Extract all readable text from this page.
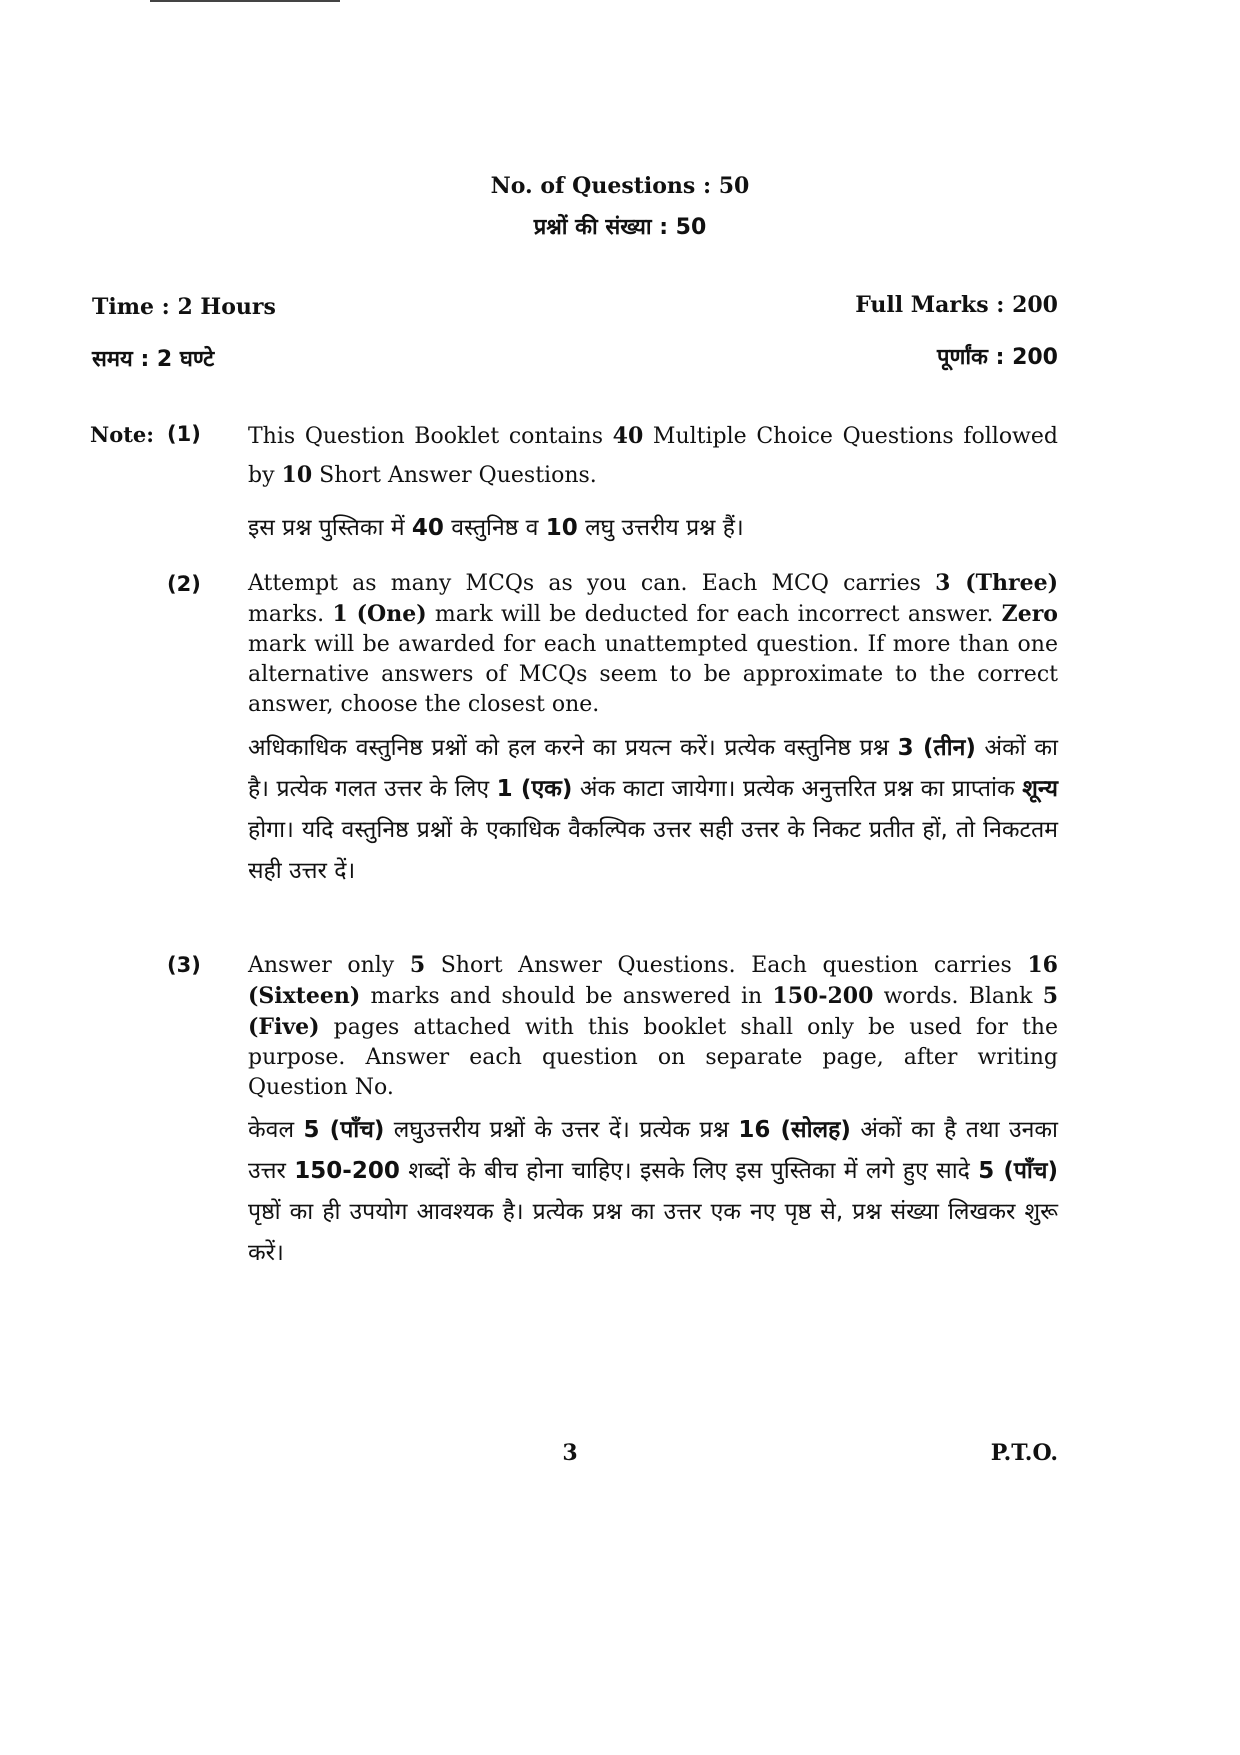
No. of Questions : 50
प्रश्नों की संख्या : 50
Time : 2 Hours
समय : 2 घण्टे
Full Marks : 200
पूर्णांक : 200
Note: (1) This Question Booklet contains 40 Multiple Choice Questions followed by 10 Short Answer Questions.
इस प्रश्न पुस्तिका में 40 वस्तुनिष्ठ व 10 लघु उत्तरीय प्रश्न हैं।
(2) Attempt as many MCQs as you can. Each MCQ carries 3 (Three) marks. 1 (One) mark will be deducted for each incorrect answer. Zero mark will be awarded for each unattempted question. If more than one alternative answers of MCQs seem to be approximate to the correct answer, choose the closest one.
अधिकाधिक वस्तुनिष्ठ प्रश्नों को हल करने का प्रयत्न करें। प्रत्येक वस्तुनिष्ठ प्रश्न 3 (तीन) अंकों का है। प्रत्येक गलत उत्तर के लिए 1 (एक) अंक काटा जायेगा। प्रत्येक अनुत्तरित प्रश्न का प्राप्तांक शून्य होगा। यदि वस्तुनिष्ठ प्रश्नों के एकाधिक वैकल्पिक उत्तर सही उत्तर के निकट प्रतीत हों, तो निकटतम सही उत्तर दें।
(3) Answer only 5 Short Answer Questions. Each question carries 16 (Sixteen) marks and should be answered in 150-200 words. Blank 5 (Five) pages attached with this booklet shall only be used for the purpose. Answer each question on separate page, after writing Question No.
केवल 5 (पाँच) लघुउत्तरीय प्रश्नों के उत्तर दें। प्रत्येक प्रश्न 16 (सोलह) अंकों का है तथा उनका उत्तर 150-200 शब्दों के बीच होना चाहिए। इसके लिए इस पुस्तिका में लगे हुए सादे 5 (पाँच) पृष्ठों का ही उपयोग आवश्यक है। प्रत्येक प्रश्न का उत्तर एक नए पृष्ठ से, प्रश्न संख्या लिखकर शुरू करें।
3	P.T.O.
